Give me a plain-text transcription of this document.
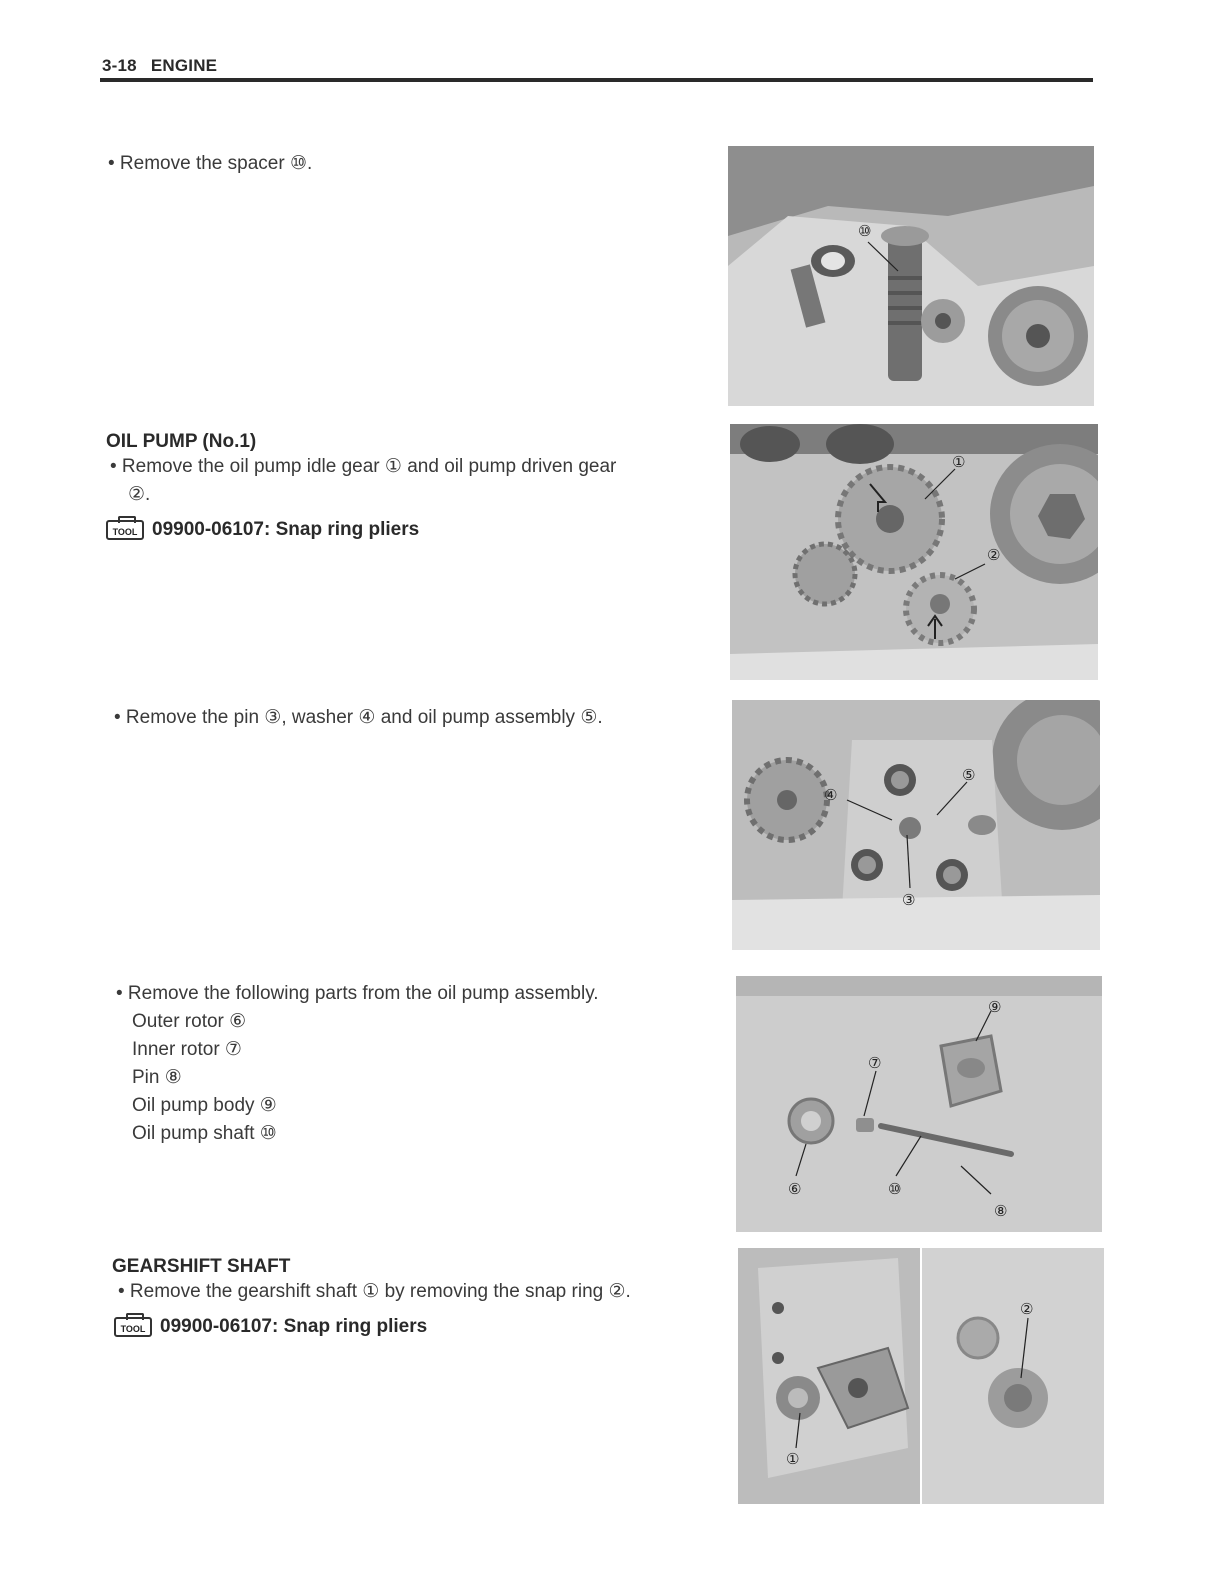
3-18 ENGINE
• Remove the spacer ⑩.
⑩
OIL PUMP (No.1)
• Remove the oil pump idle gear ① and oil pump driven gear
②.
TOOL 09900-06107: Snap ring pliers
①
②
• Remove the pin ③, washer ④ and oil pump assembly ⑤.
⑤
④
③
• Remove the following parts from the oil pump assembly.
Outer rotor ⑥
Inner rotor ⑦
Pin ⑧
Oil pump body ⑨
Oil pump shaft ⑩
⑨
⑦
⑥	⑩
⑧
GEARSHIFT SHAFT
• Remove the gearshift shaft ① by removing the snap ring ②.
TOOL 09900-06107: Snap ring pliers
②
①
